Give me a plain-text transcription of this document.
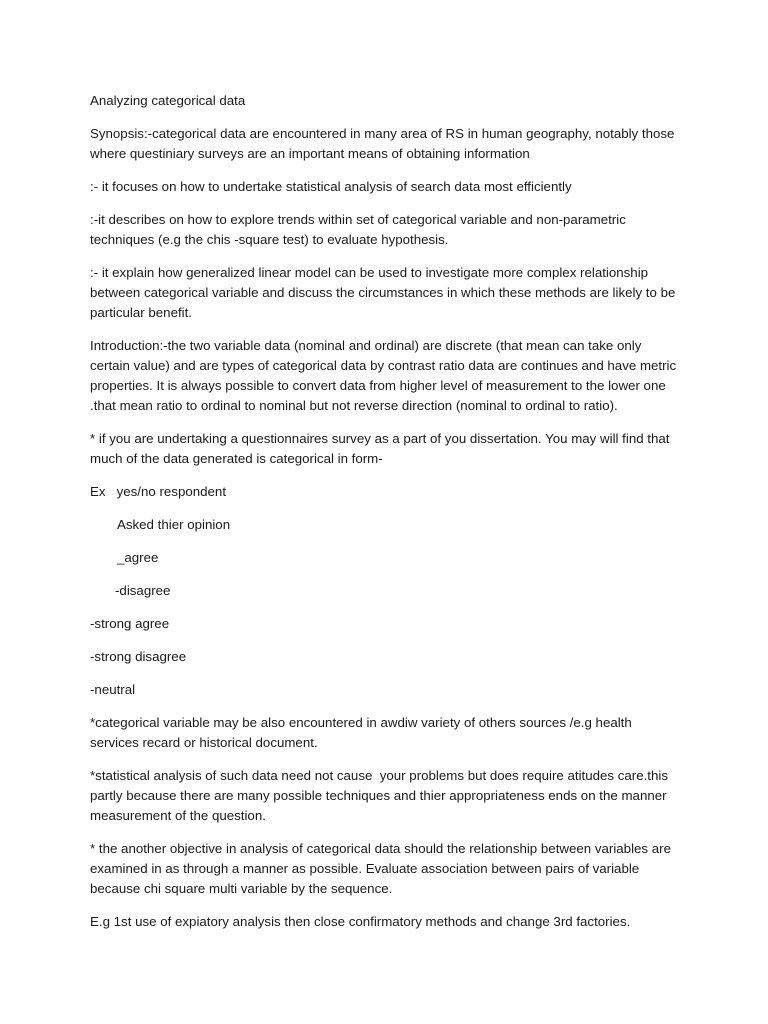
Analyzing categorical data

Synopsis:-categorical data are encountered in many area of RS in human geography, notably those where questiniary surveys are an important means of obtaining information

:- it focuses on how to undertake statistical analysis of search data most efficiently

:-it describes on how to explore trends within set of categorical variable and non-parametric techniques (e.g the chis -square test) to evaluate hypothesis.

:- it explain how generalized linear model can be used to investigate more complex relationship between categorical variable and discuss the circumstances in which these methods are likely to be particular benefit.

Introduction:-the two variable data (nominal and ordinal) are discrete (that mean can take only certain value) and are types of categorical data by contrast ratio data are continues and have metric properties. It is always possible to convert data from higher level of measurement to the lower one .that mean ratio to ordinal to nominal but not reverse direction (nominal to ordinal to ratio).

* if you are undertaking a questionnaires survey as a part of you dissertation. You may will find that much of the data generated is categorical in form-

Ex   yes/no respondent

Asked thier opinion

_agree

-disagree

-strong agree

-strong disagree

-neutral

*categorical variable may be also encountered in awdiw variety of others sources /e.g health services recard or historical document.

*statistical analysis of such data need not cause  your problems but does require atitudes care.this partly because there are many possible techniques and thier appropriateness ends on the manner measurement of the question.

* the another objective in analysis of categorical data should the relationship between variables are examined in as through a manner as possible. Evaluate association between pairs of variable because chi square multi variable by the sequence.

E.g 1st use of expiatory analysis then close confirmatory methods and change 3rd factories.
